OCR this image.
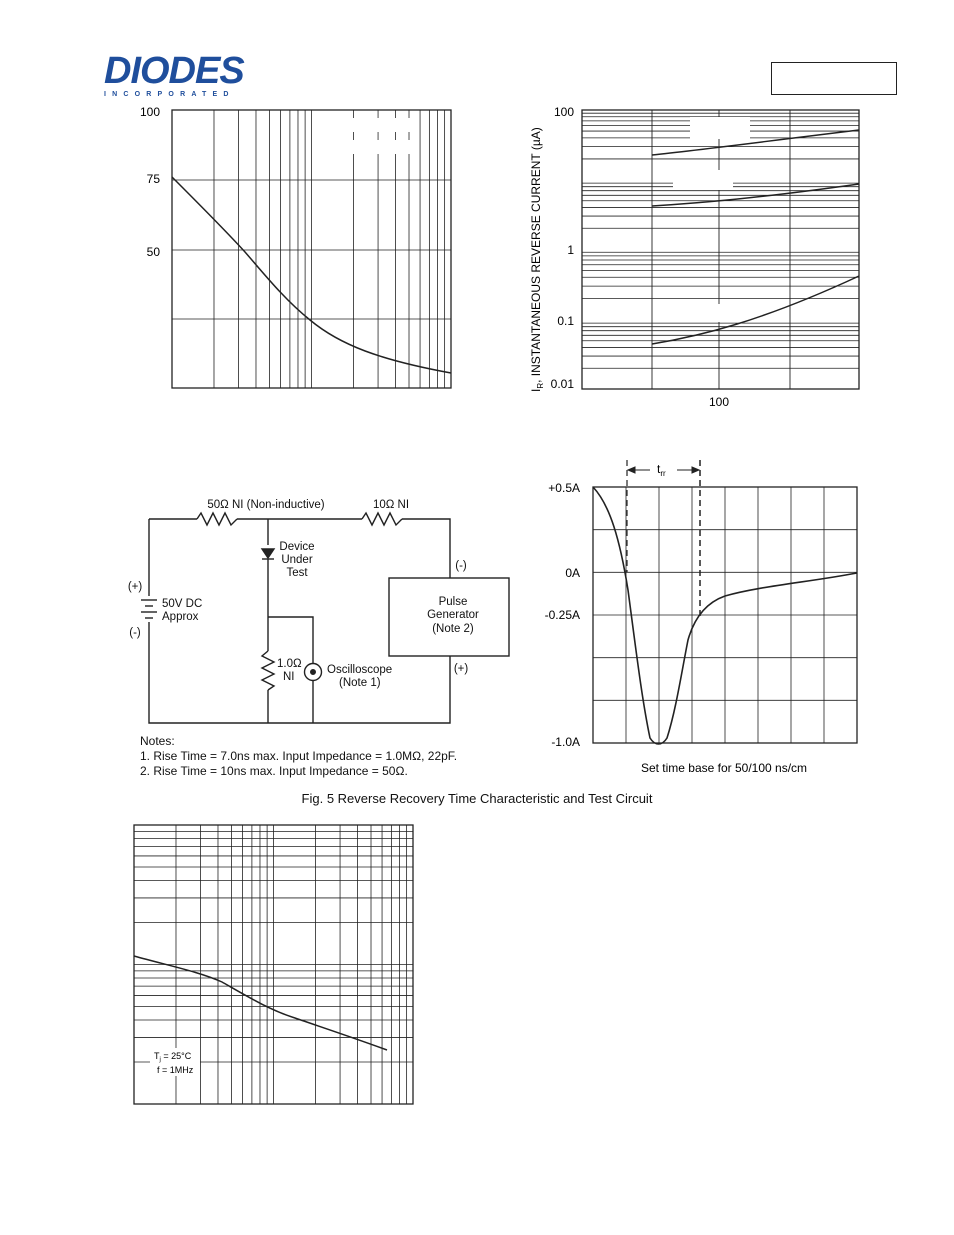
DIODES
INCORPORATED
100
75
50
100
1
0.1
0.01
100
$I_R$, INSTANTANEOUS REVERSE CURRENT (µA)
50Ω NI (Non-inductive)	10Ω NI
Device
Under
Test
(+)
(-)
50V DC
Approx
(-)
(+)
Pulse
Generator
(Note 2)
1.0Ω
NI
Oscilloscope
(Note 1)
Notes:
1. Rise Time = 7.0ns max. Input Impedance = 1.0MΩ, 22pF.
2. Rise Time = 10ns max. Input Impedance = 50Ω.
$t_{rr}$
+0.5A
0A
-0.25A
-1.0A
Set time base for 50/100 ns/cm
$T_j = 25^\circ C$
f = 1MHz
Fig. 5 Reverse Recovery Time Characteristic and Test Circuit
